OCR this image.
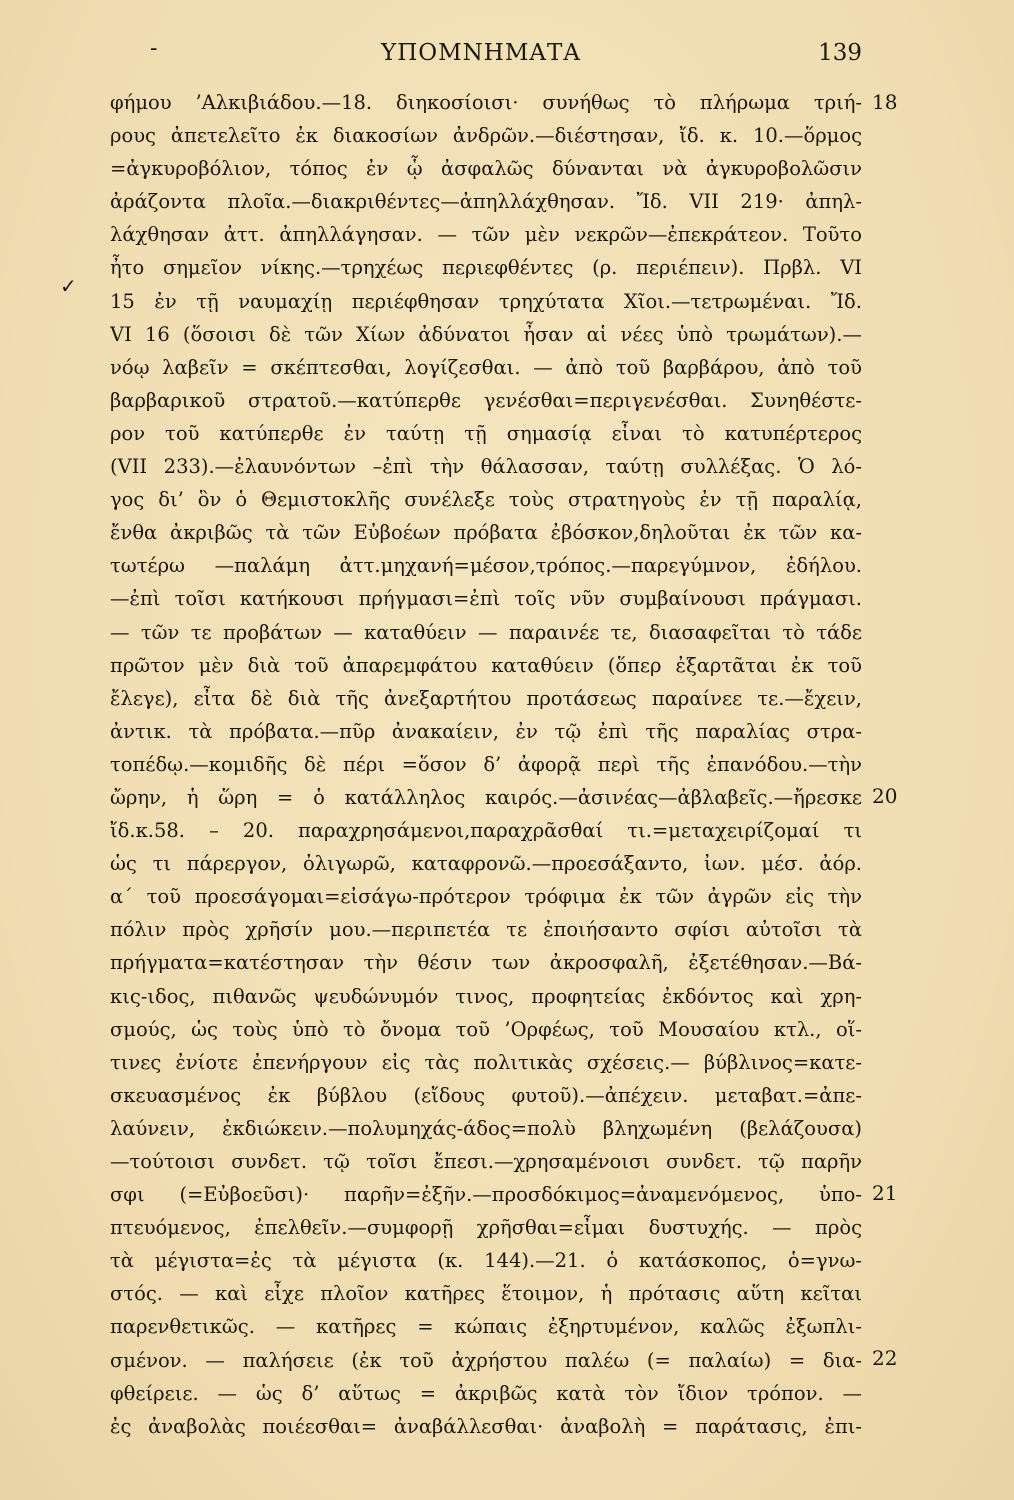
-	ΥΠΟΜΝΗΜΑΤΑ	139
✓
φήμου ’Αλκιβιάδου.—18. διηκοσίοισι· συνήθως τὸ πλήρωμα τριή-
ρους ἀπετελεῖτο ἐκ διακοσίων ἀνδρῶν.—διέστησαν, ἴδ. κ. 10.—ὅρμος
=ἀγκυροβόλιον, τόπος ἐν ᾧ ἀσφαλῶς δύνανται νὰ ἀγκυροβολῶσιν
ἀράζοντα πλοῖα.—διακριθέντες—ἀπηλλάχθησαν. Ἴδ. VII 219· ἀπηλ-
λάχθησαν ἀττ. ἀπηλλάγησαν. — τῶν μὲν νεκρῶν—ἐπεκράτεον. Τοῦτο
ἦτο σημεῖον νίκης.—τρηχέως περιεφθέντες (ρ. περιέπειν). Πρβλ. VI
15 ἐν τῇ ναυμαχίῃ περιέφθησαν τρηχύτατα Χῖοι.—τετρωμέναι. Ἴδ.
VI 16 (ὅσοισι δὲ τῶν Χίων ἀδύνατοι ἦσαν αἱ νέες ὑπὸ τρωμάτων).—
νόῳ λαβεῖν = σκέπτεσθαι, λογίζεσθαι. — ἀπὸ τοῦ βαρβάρου, ἀπὸ τοῦ
βαρβαρικοῦ στρατοῦ.—κατύπερθε γενέσθαι=περιγενέσθαι. Συνηθέστε-
ρον τοῦ κατύπερθε ἐν ταύτῃ τῇ σημασίᾳ εἶναι τὸ κατυπέρτερος
(VII 233).—ἐλαυνόντων –ἐπὶ τὴν θάλασσαν, ταύτῃ συλλέξας. Ὁ λό-
γος δι’ ὃν ὁ Θεμιστοκλῆς συνέλεξε τοὺς στρατηγοὺς ἐν τῇ παραλίᾳ,
ἔνθα ἀκριβῶς τὰ τῶν Εὐβοέων πρόβατα ἐβόσκον,δηλοῦται ἐκ τῶν κα-
τωτέρω —παλάμη ἀττ.μηχανή=μέσον,τρόπος.—παρεγύμνον, ἐδήλου.
—ἐπὶ τοῖσι κατήκουσι πρήγμασι=ἐπὶ τοῖς νῦν συμβαίνουσι πράγμασι.
— τῶν τε προβάτων — καταθύειν — παραινέε τε, διασαφεῖται τὸ τάδε
πρῶτον μὲν διὰ τοῦ ἀπαρεμφάτου καταθύειν (ὅπερ ἐξαρτᾶται ἐκ τοῦ
ἔλεγε), εἶτα δὲ διὰ τῆς ἀνεξαρτήτου προτάσεως παραίνεε τε.—ἔχειν,
ἀντικ. τὰ πρόβατα.—πῦρ ἀνακαίειν, ἐν τῷ ἐπὶ τῆς παραλίας στρα-
τοπέδῳ.—κομιδῆς δὲ πέρι =ὅσον δ’ ἀφορᾷ περὶ τῆς ἐπανόδου.—τὴν
ὤρην, ἡ ὥρη = ὁ κατάλληλος καιρός.—ἀσινέας—ἀβλαβεῖς.—ἤρεσκε
ἴδ.κ.58. – 20. παραχρησάμενοι,παραχρᾶσθαί τι.=μεταχειρίζομαί τι
ὡς τι πάρεργον, ὀλιγωρῶ, καταφρονῶ.—προεσάξαντο, ἰων. μέσ. ἀόρ.
α΄ τοῦ προεσάγομαι=εἰσάγω-πρότερον τρόφιμα ἐκ τῶν ἀγρῶν εἰς τὴν
πόλιν πρὸς χρῆσίν μου.—περιπετέα τε ἐποιήσαντο σφίσι αὐτοῖσι τὰ
πρήγματα=κατέστησαν τὴν θέσιν των ἀκροσφαλῆ, ἐξετέθησαν.—Βά-
κις-ιδος, πιθανῶς ψευδώνυμόν τινος, προφητείας ἐκδόντος καὶ χρη-
σμούς, ὡς τοὺς ὑπὸ τὸ ὄνομα τοῦ ’Ορφέως, τοῦ Μουσαίου κτλ., οἵ-
τινες ἐνίοτε ἐπενήργουν εἰς τὰς πολιτικὰς σχέσεις.— βύβλινος=κατε-
σκευασμένος ἐκ βύβλου (εἴδους φυτοῦ).—ἀπέχειν. μεταβατ.=ἀπε-
λαύνειν, ἐκδιώκειν.—πολυμηχάς-άδος=πολὺ βληχωμένη (βελάζουσα)
—τούτοισι συνδετ. τῷ τοῖσι ἔπεσι.—χρησαμένοισι συνδετ. τῷ παρῆν
σφι (=Εὐβοεῦσι)· παρῆν=ἐξῆν.—προσδόκιμος=ἀναμενόμενος, ὑπο-
πτευόμενος, ἐπελθεῖν.—συμφορῇ χρῆσθαι=εἶμαι δυστυχής. — πρὸς
τὰ μέγιστα=ἐς τὰ μέγιστα (κ. 144).—21. ὁ κατάσκοπος, ὁ=γνω-
στός. — καὶ εἶχε πλοῖον κατῆρες ἕτοιμον, ἡ πρότασις αὕτη κεῖται
παρενθετικῶς. — κατῆρες = κώπαις ἐξηρτυμένον, καλῶς ἐξωπλι-
σμένον. — παλήσειε (ἐκ τοῦ ἀχρήστου παλέω (= παλαίω) = δια-
φθείρειε. — ὡς δ’ αὕτως = ἀκριβῶς κατὰ τὸν ἴδιον τρόπον. —
ἐς ἀναβολὰς ποιέεσθαι= ἀναβάλλεσθαι· ἀναβολὴ = παράτασις, ἐπι-
18
20
21
22
